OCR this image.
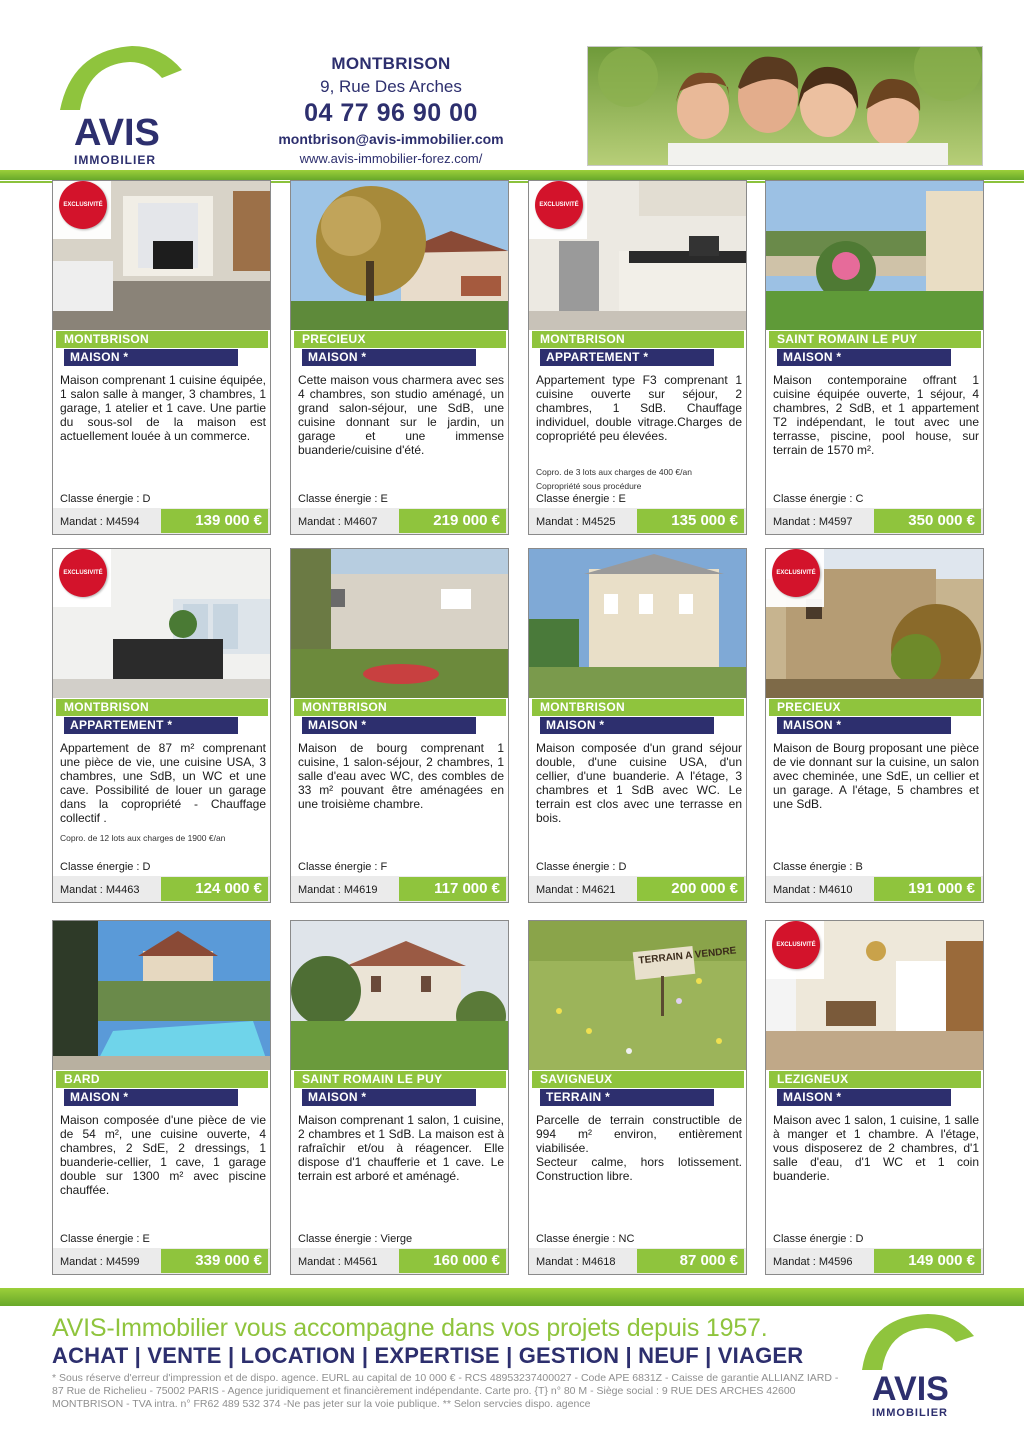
AVIS
IMMOBILIER
MONTBRISON
9, Rue Des Arches
04 77 96 90 00
montbrison@avis-immobilier.com
www.avis-immobilier-forez.com/
EXCLUSIVITÉ
MONTBRISON
MAISON *
Maison comprenant 1 cuisine équipée, 1 salon salle à manger, 3 chambres, 1 garage, 1 atelier et 1 cave. Une partie du sous-sol de la maison est actuellement louée à un commerce.
Classe énergie : D
Mandat : M4594	139 000 €
PRECIEUX
MAISON *
Cette maison vous charmera avec ses 4 chambres, son studio aménagé, un grand salon-séjour, une SdB, une cuisine donnant sur le jardin, un garage et une immense buanderie/cuisine d'été.
Classe énergie : E
Mandat : M4607	219 000 €
EXCLUSIVITÉ
MONTBRISON
APPARTEMENT *
Appartement type F3 comprenant 1 cuisine ouverte sur séjour, 2 chambres, 1 SdB. Chauffage individuel, double vitrage.Charges de copropriété peu élevées.
Copro. de 3 lots aux charges de 400 €/an
Copropriété sous procédure
Classe énergie : E
Mandat : M4525	135 000 €
SAINT ROMAIN LE PUY
MAISON *
Maison contemporaine offrant 1 cuisine équipée ouverte, 1 séjour, 4 chambres, 2 SdB, et 1 appartement T2 indépendant, le tout avec une terrasse, piscine, pool house, sur terrain de 1570 m².
Classe énergie : C
Mandat : M4597	350 000 €
EXCLUSIVITÉ
MONTBRISON
APPARTEMENT *
Appartement de 87 m² comprenant une pièce de vie, une cuisine USA, 3 chambres, une SdB, un WC et une cave. Possibilité de louer un garage dans la copropriété - Chauffage collectif .
Copro. de 12 lots aux charges de 1900 €/an
Classe énergie : D
Mandat : M4463	124 000 €
MONTBRISON
MAISON *
Maison de bourg comprenant 1 cuisine, 1 salon-séjour, 2 chambres, 1 salle d'eau avec WC, des combles de 33 m² pouvant être aménagées en une troisième chambre.
Classe énergie : F
Mandat : M4619	117 000 €
MONTBRISON
MAISON *
Maison composée d'un grand séjour double, d'une cuisine USA, d'un cellier, d'une buanderie. A l'étage, 3 chambres et 1 SdB avec WC. Le terrain est clos avec une terrasse en bois.
Classe énergie : D
Mandat : M4621	200 000 €
EXCLUSIVITÉ
PRECIEUX
MAISON *
Maison de Bourg proposant une pièce de vie donnant sur la cuisine, un salon avec cheminée, une SdE, un cellier et un garage. A l'étage, 5 chambres et une SdB.
Classe énergie : B
Mandat : M4610	191 000 €
BARD
MAISON *
Maison composée d'une pièce de vie de 54 m², une cuisine ouverte, 4 chambres, 2 SdE, 2 dressings, 1 buanderie-cellier, 1 cave, 1 garage double sur 1300 m² avec piscine chauffée.
Classe énergie : E
Mandat : M4599	339 000 €
SAINT ROMAIN LE PUY
MAISON *
Maison comprenant 1 salon, 1 cuisine, 2 chambres et 1 SdB. La maison est à rafraîchir et/ou à réagencer. Elle dispose d'1 chaufferie et 1 cave. Le terrain est arboré et aménagé.
Classe énergie : Vierge
Mandat : M4561	160 000 €
TERRAIN A VENDRE
SAVIGNEUX
TERRAIN *
Parcelle de terrain constructible de 994 m² environ, entièrement viabilisée.
Secteur calme, hors lotissement. Construction libre.
Classe énergie : NC
Mandat : M4618	87 000 €
EXCLUSIVITÉ
LEZIGNEUX
MAISON *
Maison avec 1 salon, 1 cuisine, 1 salle à manger et 1 chambre. A l'étage, vous disposerez de 2 chambres, d'1 salle d'eau, d'1 WC et 1 coin buanderie.
Classe énergie : D
Mandat : M4596	149 000 €
AVIS-Immobilier vous accompagne dans vos projets depuis 1957.
ACHAT | VENTE | LOCATION | EXPERTISE | GESTION | NEUF | VIAGER
* Sous réserve d'erreur d'impression et de dispo. agence. EURL au capital de 10 000 € - RCS 48953237400027 - Code APE 6831Z - Caisse de garantie ALLIANZ IARD - 87 Rue de Richelieu - 75002 PARIS - Agence juridiquement et financièrement indépendante. Carte pro. {T} n° 80 M - Siège social : 9 RUE DES ARCHES 42600 MONTBRISON - TVA intra. n° FR62 489 532 374 -Ne pas jeter sur la voie publique. ** Selon servcies dispo. agence	AVIS
IMMOBILIER
